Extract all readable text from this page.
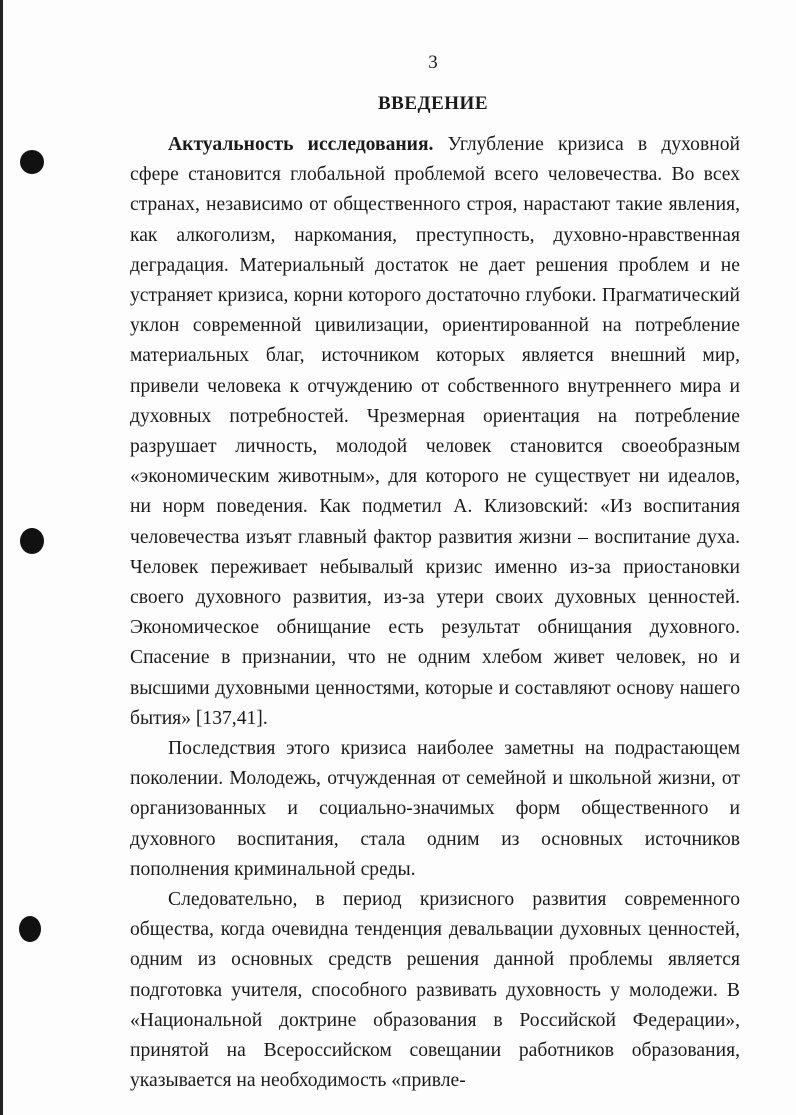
3
ВВЕДЕНИЕ

Актуальность исследования. Углубление кризиса в духовной сфере становится глобальной проблемой всего человечества. Во всех странах, независимо от общественного строя, нарастают такие явления, как алкоголизм, наркомания, преступность, духовно-нравственная деградация. Материальный достаток не дает решения проблем и не устраняет кризиса, корни которого достаточно глубоки. Прагматический уклон современной цивилизации, ориентированной на потребление материальных благ, источником которых является внешний мир, привели человека к отчуждению от собственного внутреннего мира и духовных потребностей. Чрезмерная ориентация на потребление разрушает личность, молодой человек становится своеобразным «экономическим животным», для которого не существует ни идеалов, ни норм поведения. Как подметил А. Клизовский: «Из воспитания человечества изъят главный фактор развития жизни – воспитание духа. Человек переживает небывалый кризис именно из-за приостановки своего духовного развития, из-за утери своих духовных ценностей. Экономическое обнищание есть результат обнищания духовного. Спасение в признании, что не одним хлебом живет человек, но и высшими духовными ценностями, которые и составляют основу нашего бытия» [137,41].

Последствия этого кризиса наиболее заметны на подрастающем поколении. Молодежь, отчужденная от семейной и школьной жизни, от организованных и социально-значимых форм общественного и духовного воспитания, стала одним из основных источников пополнения криминальной среды.

Следовательно, в период кризисного развития современного общества, когда очевидна тенденция девальвации духовных ценностей, одним из основных средств решения данной проблемы является подготовка учителя, способного развивать духовность у молодежи. В «Национальной доктрине образования в Российской Федерации», принятой на Всероссийском совещании работников образования, указывается на необходимость «привле-
